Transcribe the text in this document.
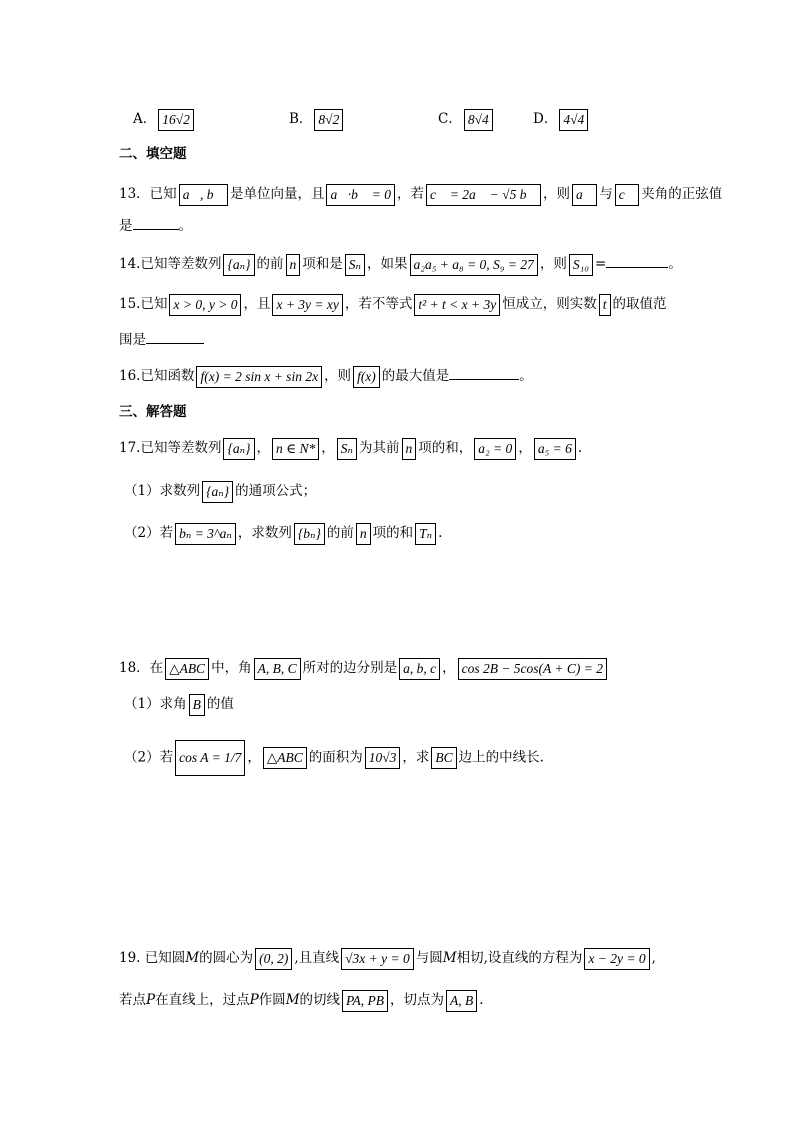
A． 16√2	B． 8√2	C． 8√4	D． 4√4
二、填空题
13．已知 a⃗, b⃗ 是单位向量，且 a⃗·b⃗ = 0 ，若 c⃗ = 2a⃗ − √5 b⃗ ，则 a⃗ 与 c⃗ 夹角的正弦值
是	。
14.已知等差数列 {aₙ} 的前 n 项和是 Sₙ ，如果 a₂a₅ + a₈ = 0, S₉ = 27 ，则 S₁₀ =	。
15.已知 x > 0, y > 0 ，且 x + 3y = xy ，若不等式 t² + t < x + 3y 恒成立，则实数 t 的取值范
围是
16.已知函数 f(x) = 2 sin x + sin 2x ，则 f(x) 的最大值是	。
三、解答题
17.已知等差数列 {aₙ} ， n ∈ N* ， Sₙ 为其前 n 项的和， a₂ = 0 ， a₅ = 6 .
（1）求数列 {aₙ} 的通项公式；
（2）若 bₙ = 3^aₙ ，求数列 {bₙ} 的前 n 项的和 Tₙ .
18．在 △ABC 中，角 A, B, C 所对的边分别是 a, b, c ， cos 2B − 5cos(A + C) = 2
（1）求角 B 的值
（2）若 cos A = 1/7 ， △ABC 的面积为 10√3 ，求 BC 边上的中线长.
19. 已知圆M的圆心为 (0, 2) ,且直线 √3x + y = 0 与圆M相切,设直线的方程为 x − 2y = 0 ,
若点P在直线上，过点P作圆M的切线 PA, PB ，切点为 A, B .
